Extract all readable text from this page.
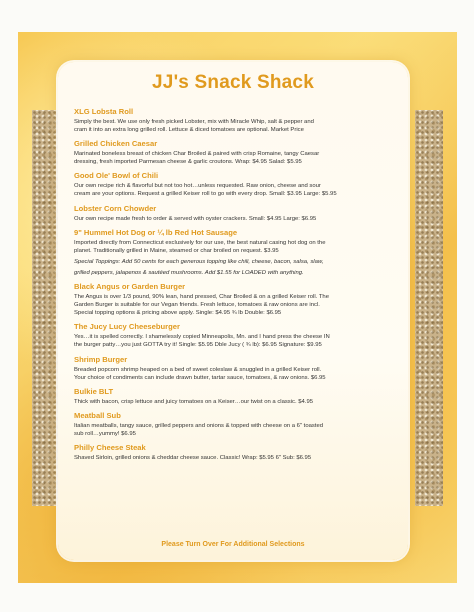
JJ's Snack Shack
XLG Lobsta Roll
Simply the best. We use only fresh picked Lobster, mix with Miracle Whip, salt & pepper and
cram it into an extra long grilled roll. Lettuce & diced tomatoes are optional. Market Price
Grilled Chicken Caesar
Marinated boneless breast of chicken Char Broiled & paired with crisp Romaine, tangy Caesar
dressing, fresh imported Parmesan cheese & garlic croutons. Wrap: $4.95 Salad: $5.95
Good Ole' Bowl of Chili
Our own recipe rich & flavorful but not too hot…unless requested. Raw onion, cheese and sour
cream are your options. Request a grilled Keiser roll to go with every drop. Small: $3.95 Large: $5.95
Lobster Corn Chowder
Our own recipe made fresh to order & served with oyster crackers. Small: $4.95 Large: $6.95
9" Hummel Hot Dog or ¼ lb Red Hot Sausage
Imported directly from Connecticut exclusively for our use, the best natural casing hot dog on the
planet. Traditionally grilled in Maine, steamed or char broiled on request. $3.95
Special Toppings: Add 50 cents for each generous topping like chili, cheese, bacon, salsa, slaw,
grilled peppers, jalapenos & sautéed mushrooms. Add $1.55 for LOADED with anything.
Black Angus or Garden Burger
The Angus is over 1/3 pound, 90% lean, hand pressed, Char Broiled & on a grilled Keiser roll. The
Garden Burger is suitable for our Vegan friends. Fresh lettuce, tomatoes & raw onions are incl.
Special topping options & pricing above apply. Single: $4.95 ¾ lb Double: $6.95
The Jucy Lucy Cheeseburger
Yes…it is spelled correctly. I shamelessly copied Minneapolis, Mn. and I hand press the cheese IN
the burger patty…you just GOTTA try it! Single: $5.95 Dble Jucy ( ¾ lb): $6.95 Signature: $9.95
Shrimp Burger
Breaded popcorn shrimp heaped on a bed of sweet coleslaw & snuggled in a grilled Keiser roll.
Your choice of condiments can include drawn butter, tartar sauce, tomatoes, & raw onions. $6.95
Bulkie BLT
Thick with bacon, crisp lettuce and juicy tomatoes on a Keiser…our twist on a classic. $4.95
Meatball Sub
Italian meatballs, tangy sauce, grilled peppers and onions & topped with cheese on a 6" toasted
sub roll…yummy! $6.95
Philly Cheese Steak
Shaved Sirloin, grilled onions & cheddar cheese sauce. Classic! Wrap: $5.95 6" Sub: $6.95
Please Turn Over For Additional Selections
